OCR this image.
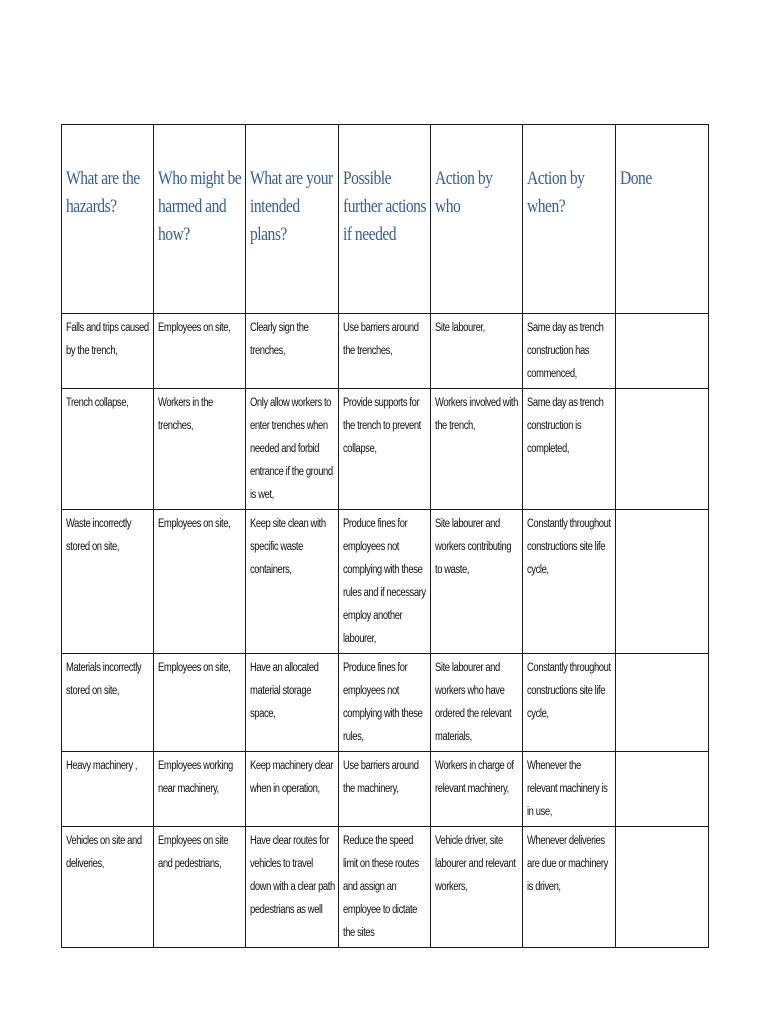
What are the hazards?	Who might be harmed and how?	What are your intended plans?	Possible further actions if needed	Action by who	Action by when?	Done

Falls and trips caused by the trench,	Employees on site,	Clearly sign the trenches,	Use barriers around the trenches,	Site labourer,	Same day as trench construction has commenced,	

Trench collapse,	Workers in the trenches,	Only allow workers to enter trenches when needed and forbid entrance if the ground is wet,	Provide supports for the trench to prevent collapse,	Workers involved with the trench,	Same day as trench construction is completed,	

Waste incorrectly stored on site,	Employees on site,	Keep site clean with specific waste containers,	Produce fines for employees not complying with these rules and if necessary employ another labourer,	Site labourer and workers contributing to waste,	Constantly throughout constructions site life cycle,	

Materials incorrectly stored on site,	Employees on site,	Have an allocated material storage space,	Produce fines for employees not complying with these rules,	Site labourer and workers who have ordered the relevant materials,	Constantly throughout constructions site life cycle,	

Heavy machinery ,	Employees working near machinery,	Keep machinery clear when in operation,	Use barriers around the machinery,	Workers in charge of relevant machinery,	Whenever the relevant machinery is in use,	

Vehicles on site and deliveries,	Employees on site and pedestrians,	Have clear routes for vehicles to travel down with a clear path pedestrians as well	Reduce the speed limit on these routes and assign an employee to dictate the sites	Vehicle driver, site labourer and relevant workers,	Whenever deliveries are due or machinery is driven,	
